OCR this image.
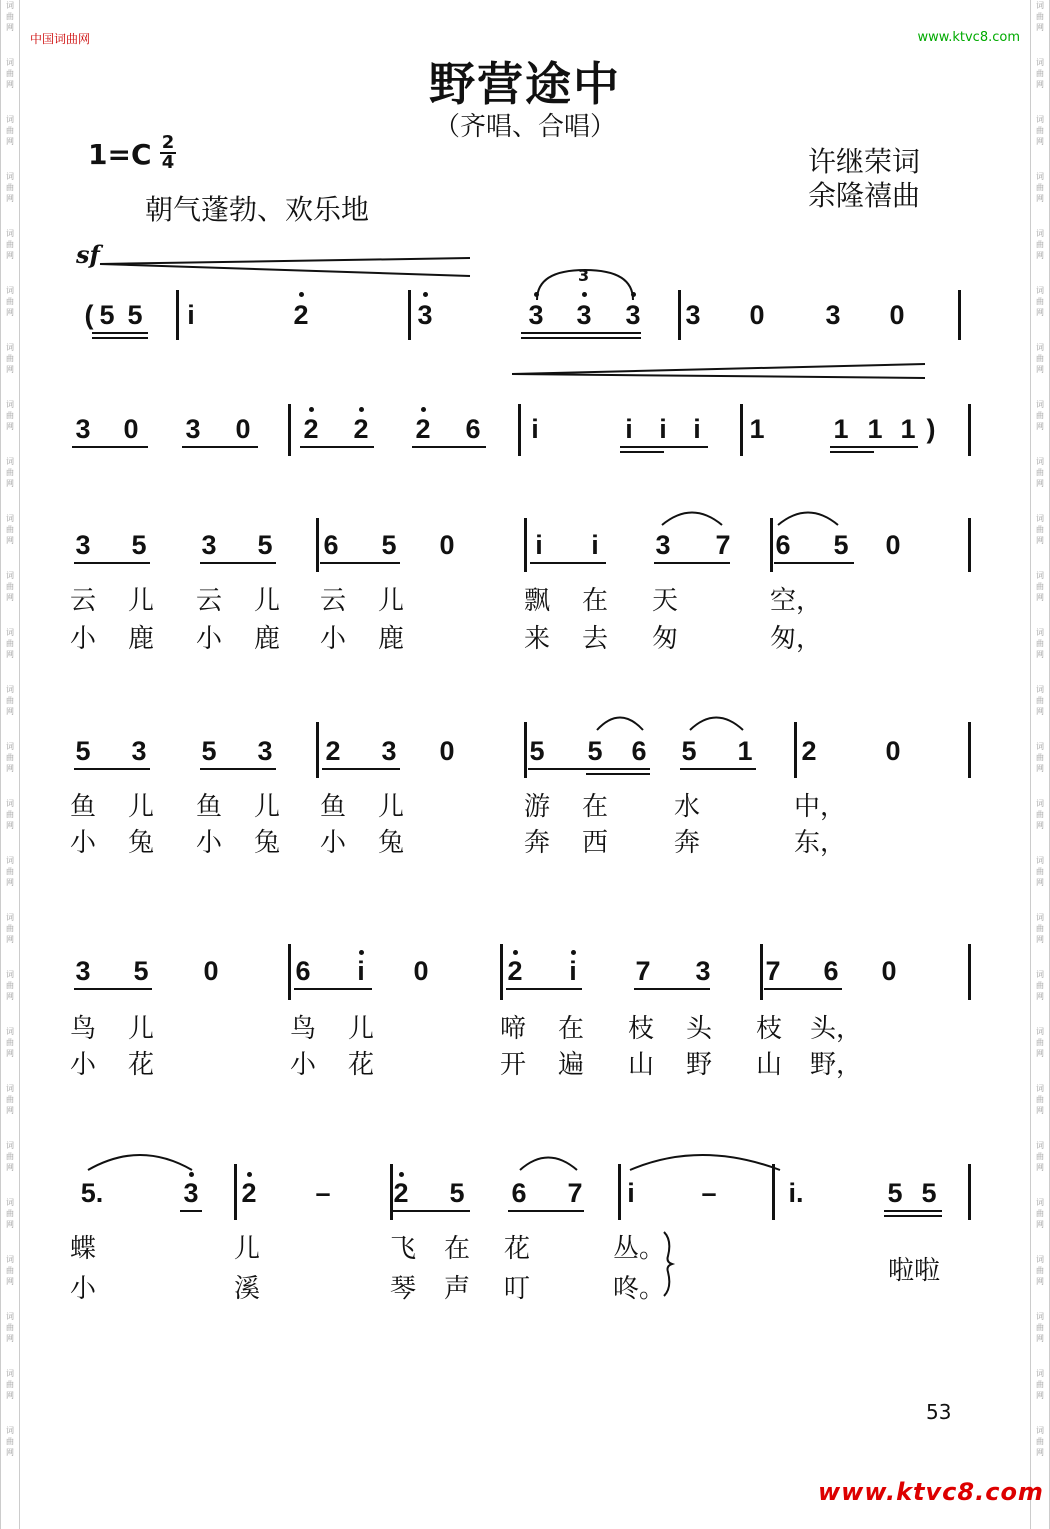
词
曲
网
词
曲
网
词
曲
网
词
曲
网
词
曲
网
词
曲
网
词
曲
网
词
曲
网
词
曲
网
词
曲
网
词
曲
网
词
曲
网
词
曲
网
词
曲
网
词
曲
网
词
曲
网
词
曲
网
词
曲
网
词
曲
网
词
曲
网
词
曲
网
词
曲
网
词
曲
网
词
曲
网
词
曲
网
词
曲
网
词
曲
网
词
曲
网
词
曲
网
词
曲
网
词
曲
网
词
曲
网
词
曲
网
词
曲
网
词
曲
网
词
曲
网
词
曲
网
词
曲
网
词
曲
网
词
曲
网
词
曲
网
词
曲
网
词
曲
网
词
曲
网
词
曲
网
词
曲
网
词
曲
网
词
曲
网
词
曲
网
词
曲
网
词
曲
网
词
曲
网
中国词曲网	www.ktvc8.com
野营途中
（齐唱、合唱）
1=C 2
4
朝气蓬勃、欢乐地
许继荣词
余隆禧曲
sf
( 5 5	i	2	3	3 3 3
3
3 0 3 0
3 0 3 0 2 2 2 6	i	i i i	1	1 1 1 )
3 5 3 5 6 5 0	i	i	3 7 6 5 0
云 儿 云 儿 云 儿	飘 在 天	空，
小 鹿 小 鹿 小 鹿	来 去 匆	匆，
5 3 5 3 2 3 0	5 5 6 5 1 2	0
鱼 儿 鱼 儿 鱼 儿	游 在	水	中，
小 兔 小 兔 小 兔	奔 西	奔	东，
3 5 0	6	i	0	2	i	7 3 7 6 0
鸟 儿	鸟 儿	啼 在 枝 头 枝 头，
小 花	小 花	开 遍 山 野 山 野，
5.	3 2 – 2 5 6 7	i	–	i.	5 5
蝶	儿	飞 在 花	丛。
小	溪	琴 声 叮	咚。
啦啦
53
www.ktvc8.com
